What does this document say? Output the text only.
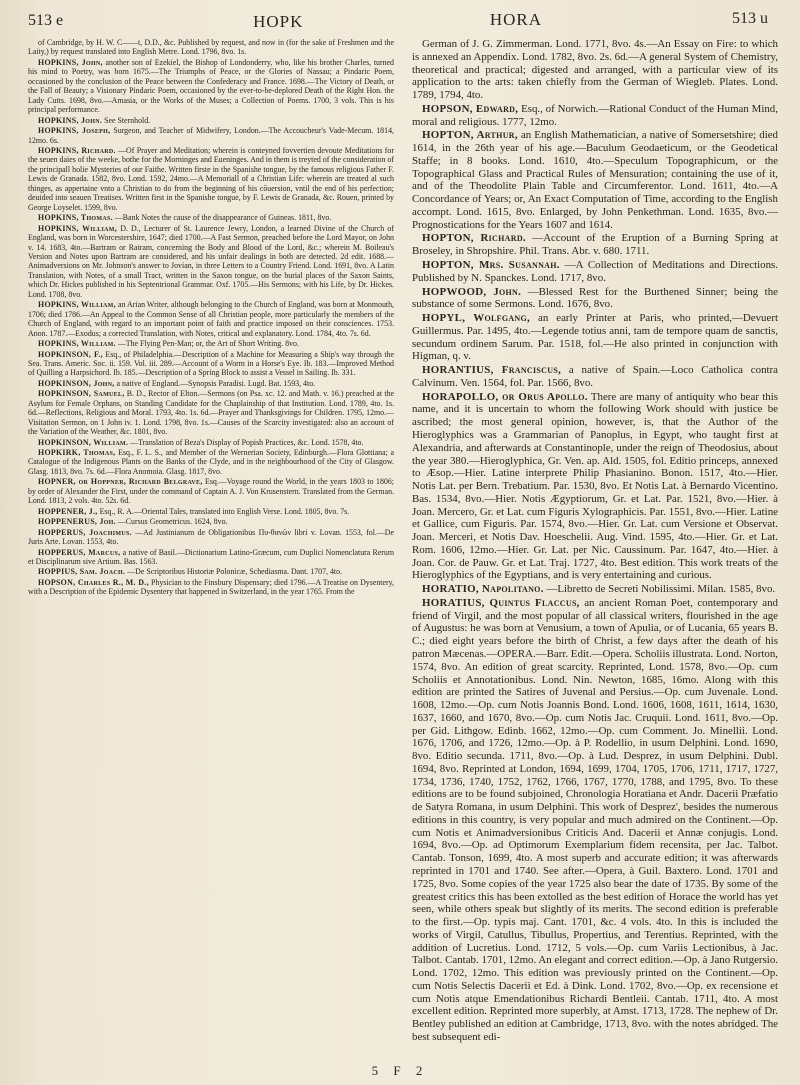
513 e	HOPK	HORA	513 u

of Cambridge, by H. W. C——t, D.D., &c. Published by request, and now in (for the sake of Freshmen and the Laity,) by request translated into English Metre. Lond. 1796, 8vo. 1s.

HOPKINS, John, another son of Ezekiel, the Bishop of Londonderry, who, like his brother Charles, turned his mind to Poetry, was born 1675.—The Triumphs of Peace, or the Glories of Nassau; a Pindaric Poem, occasioned by the conclusion of the Peace between the Confederacy and France. 1698.—The Victory of Death, or the Fall of Beauty; a Visionary Pindaric Poem, occasioned by the ever-to-be-deplored Death of the Right Hon. the Lady Cutts. 1698, 8vo.—Amasia, or the Works of the Muses; a Collection of Poems. 1700, 3 vols. This is his principal performance.

HOPKINS, John. See Sternhold.

HOPKINS, Joseph, Surgeon, and Teacher of Midwifery, London.—The Accoucheur's Vade-Mecum. 1814, 12mo. 6s.

HOPKINS, Richard. —Of Prayer and Meditation; wherein is conteyned fovvertien devoute Meditations for the seuen daies of the weeke, bothe for the Morninges and Eueninges. And in them is treyted of the consideration of the principall holie Mysteries of our Faithe. Written firste in the Spanishe tongue, by the famous religious Father F. Lewis de Granada. 1582, 8vo. Lond. 1592, 24mo.—A Memoriall of a Christian Life: wherein are treated al such thinges, as appertaine vnto a Christian to do from the beginning of his cōuersion, vntil the end of his perfection; deuided into seauen Treatises. Written first in the Spanishe tongue, by F. Lewis de Granada, &c. Rouen, printed by George Loyselet. 1599, 8vo.

HOPKINS, Thomas. —Bank Notes the cause of the disappearance of Guineas. 1811, 8vo.

HOPKINS, William, D. D., Lecturer of St. Laurence Jewry, London, a learned Divine of the Church of England, was born in Worcestershire, 1647; died 1700.—A Fast Sermon, preached before the Lord Mayor, on John v. 14. 1683, 4to.—Bartram or Ratram, concerning the Body and Blood of the Lord, &c.; wherein M. Boileau's Version and Notes upon Bartram are considered, and his unfair dealings in both are detected. 2d edit. 1688.—Animadversions on Mr. Johnson's answer to Jovian, in three Letters to a Country Friend. Lond. 1691, 8vo. A Latin Translation, with Notes, of a small Tract, written in the Saxon tongue, on the burial places of the Saxon Saints, which Dr. Hickes published in his Septentrional Grammar. Oxf. 1705.—His Sermons; with his Life, by Dr. Hickes. Lond. 1708, 8vo.

HOPKINS, William, an Arian Writer, although belonging to the Church of England, was born at Monmouth, 1706; died 1786.—An Appeal to the Common Sense of all Christian people, more particularly the members of the Church of England, with regard to an important point of faith and practice imposed on their consciences. 1753. Anon. 1787.—Exodus; a corrected Translation, with Notes, critical and explanatory. Lond. 1784, 4to. 7s. 6d.

HOPKINS, William. —The Flying Pen-Man; or, the Art of Short Writing. 8vo.

HOPKINSON, F., Esq., of Philadelphia.—Description of a Machine for Measuring a Ship's way through the Sea. Trans. Americ. Soc. ii. 159. Vol. iii. 289.—Account of a Worm in a Horse's Eye. Ib. 183.—Improved Method of Quilling a Harpsichord. Ib. 185.—Description of a Spring Block to assist a Vessel in Sailing. Ib. 331.

HOPKINSON, John, a native of England.—Synopsis Paradisi. Lugd. Bat. 1593, 4to.

HOPKINSON, Samuel, B. D., Rector of Elton.—Sermons (on Psa. xc. 12. and Math. v. 16.) preached at the Asylum for Female Orphans, on Standing Candidate for the Chaplainship of that Institution. Lond. 1789, 4to. 1s. 6d.—Reflections, Religious and Moral. 1793, 4to. 1s. 6d.—Prayer and Thanksgivings for Children. 1795, 12mo.—Visitation Sermon, on 1 John iv. 1. Lond. 1798, 8vo. 1s.—Causes of the Scarcity investigated: also an account of the Variation of the Weather, &c. 1801, 8vo.

HOPKINSON, William. —Translation of Beza's Display of Popish Practices, &c. Lond. 1578, 4to.

HOPKIRK, Thomas, Esq., F. L. S., and Member of the Wernerian Society, Edinburgh.—Flora Glottiana; a Catalogue of the Indigenous Plants on the Banks of the Clyde, and in the neighbourhood of the City of Glasgow. Glasg. 1813, 8vo. 7s. 6d.—Flora Anomoia. Glasg. 1817, 8vo.

HOPNER, or Hoppner, Richard Belgrave, Esq.—Voyage round the World, in the years 1803 to 1806; by order of Alexander the First, under the command of Captain A. J. Von Krusenstern. Translated from the German. Lond. 1813, 2 vols. 4to. 52s. 6d.

HOPPENER, J., Esq., R. A.—Oriental Tales, translated into English Verse. Lond. 1805, 8vo. 7s.

HOPPENERUS, Joh. —Cursus Geometricus. 1624, 8vo.

HOPPERUS, Joachimus. —Ad Justinianum de Obligationibus Πυ-θανῶν libri v. Lovan. 1553, fol.—De Juris Arte. Lovan. 1553, 4to.

HOPPERUS, Marcus, a native of Basil.—Dictionarium Latino-Græcum, cum Duplici Nomenclatura Rerum et Disciplinarum sive Artium. Bas. 1563.

HOPPIUS, Sam. Joach. —De Scriptoribus Historiæ Polonicæ, Schediasma. Dant. 1707, 4to.

HOPSON, Charles R., M. D., Physician to the Finsbury Dispensary; died 1796.—A Treatise on Dysentery, with a Description of the Epidemic Dysentery that happened in Switzerland, in the year 1765. From the

German of J. G. Zimmerman. Lond. 1771, 8vo. 4s.—An Essay on Fire: to which is annexed an Appendix. Lond. 1782, 8vo. 2s. 6d.—A general System of Chemistry, theoretical and practical; digested and arranged, with a particular view of its application to the arts: taken chiefly from the German of Wiegleb. Plates. Lond. 1789, 1794, 4to.

HOPSON, Edward, Esq., of Norwich.—Rational Conduct of the Human Mind, moral and religious. 1777, 12mo.

HOPTON, Arthur, an English Mathematician, a native of Somersetshire; died 1614, in the 26th year of his age.—Baculum Geodaeticum, or the Geodetical Staffe; in 8 books. Lond. 1610, 4to.—Speculum Topographicum, or the Topographical Glass and Practical Rules of Mensuration; containing the use of it, and of the Theodolite Plain Table and Circumferentor. Lond. 1611, 4to.—A Concordance of Years; or, An Exact Computation of Time, according to the English accompt. Lond. 1615, 8vo. Enlarged, by John Penkethman. Lond. 1635, 8vo.—Prognostications for the Years 1607 and 1614.

HOPTON, Richard. —Account of the Eruption of a Burning Spring at Broseley, in Shropshire. Phil. Trans. Abr. v. 680. 1711.

HOPTON, Mrs. Susannah. —A Collection of Meditations and Directions. Published by N. Spanckes. Lond. 1717, 8vo.

HOPWOOD, John. —Blessed Rest for the Burthened Sinner; being the substance of some Sermons. Lond. 1676, 8vo.

HOPYL, Wolfgang, an early Printer at Paris, who printed,—Devuert Guillermus. Par. 1495, 4to.—Legende totius anni, tam de tempore quam de sanctis, secundum ordinem Sarum. Par. 1518, fol.—He also printed in conjunction with Higman, q. v.

HORANTIUS, Franciscus, a native of Spain.—Loco Catholica contra Calvinum. Ven. 1564, fol. Par. 1566, 8vo.

HORAPOLLO, or Orus Apollo. There are many of antiquity who bear this name, and it is uncertain to whom the following Work should with justice be ascribed; the most general opinion, however, is, that the Author of the Hieroglyphics was a Grammarian of Panoplus, in Egypt, who taught first at Alexandria, and afterwards at Constantinople, under the reign of Theodosius, about the year 380.—Hieroglyphica, Gr. Ven. ap. Ald. 1505, fol. Editio princeps, annexed to Æsop.—Hier. Latine interprete Philip Phasianino. Bonon. 1517, 4to.—Hier. Notis Lat. per Bern. Trebatium. Par. 1530, 8vo. Et Notis Lat. à Bernardo Vicentino. Bas. 1534, 8vo.—Hier. Notis Ægyptiorum, Gr. et Lat. Par. 1521, 8vo.—Hier. à Joan. Mercero, Gr. et Lat. cum Figuris Xylographicis. Par. 1551, 8vo.—Hier. Latine et Gallice, cum Figuris. Par. 1574, 8vo.—Hier. Gr. Lat. cum Versione et Observat. Joan. Merceri, et Notis Dav. Hoeschelii. Aug. Vind. 1595, 4to.—Hier. Gr. et Lat. Rom. 1606, 12mo.—Hier. Gr. Lat. per Nic. Caussinum. Par. 1647, 4to.—Hier. à Joan. Cor. de Pauw. Gr. et Lat. Traj. 1727, 4to. Best edition. This work treats of the Hieroglyphics of the Egyptians, and is very entertaining and curious.

HORATIO, Napolitano. —Libretto de Secreti Nobilissimi. Milan. 1585, 8vo.

HORATIUS, Quintus Flaccus, an ancient Roman Poet, contemporary and friend of Virgil, and the most popular of all classical writers, flourished in the age of Augustus: he was born at Venusium, a town of Apulia, or of Lucania, 65 years B. C.; died eight years before the birth of Christ, a few days after the death of his patron Mæcenas.—OPERA.—Barr. Edit.—Opera. Scholiis illustrata. Lond. Norton, 1574, 8vo. An edition of great scarcity. Reprinted, Lond. 1578, 8vo.—Op. cum Scholiis et Annotationibus. Lond. Nin. Newton, 1685, 16mo. Along with this edition are printed the Satires of Juvenal and Persius.—Op. cum Juvenale. Lond. 1608, 12mo.—Op. cum Notis Joannis Bond. Lond. 1606, 1608, 1611, 1614, 1630, 1637, 1660, and 1670, 8vo.—Op. cum Notis Jac. Cruquii. Lond. 1611, 8vo.—Op. per Gid. Lithgow. Edinb. 1662, 12mo.—Op. cum Comment. Jo. Minellii. Lond. 1676, 1706, and 1726, 12mo.—Op. à P. Rodellio, in usum Delphini. Lond. 1690, 8vo. Editio secunda. 1711, 8vo.—Op. à Lud. Desprez, in usum Delphini. Dubl. 1694, 8vo. Reprinted at London, 1694, 1699, 1704, 1705, 1706, 1711, 1717, 1727, 1734, 1736, 1740, 1752, 1762, 1766, 1767, 1770, 1788, and 1795, 8vo. To these editions are to be found subjoined, Chronologia Horatiana et Andr. Dacerii Præfatio de Satyra Romana, in usum Delphini. This work of Desprez', besides the numerous editions in this country, is very popular and much admired on the Continent.—Op. cum Notis et Animadversionibus Criticis And. Dacerii et Annæ conjugis. Lond. 1694, 8vo.—Op. ad Optimorum Exemplarium fidem recensita, per Jac. Talbot. Cantab. Tonson, 1699, 4to. A most superb and accurate edition; it was afterwards reprinted in 1701 and 1740. See after.—Opera, à Guil. Baxtero. Lond. 1701 and 1725, 8vo. Some copies of the year 1725 also bear the date of 1735. By some of the greatest critics this has been extolled as the best edition of Horace the world has yet seen, while others speak but slightly of its merits. The second edition is preferable to the first.—Op. typis maj. Cant. 1701, &c. 4 vols. 4to. In this is included the works of Virgil, Catullus, Tibullus, Propertius, and Terentius. Reprinted, with the addition of Lucretius. Lond. 1712, 5 vols.—Op. cum Variis Lectionibus, à Jac. Talbot. Cantab. 1701, 12mo. An elegant and correct edition.—Op. à Jano Rutgersio. Lond. 1702, 12mo. This edition was previously printed on the Continent.—Op. cum Notis Selectis Dacerii et Ed. à Dink. Lond. 1702, 8vo.—Op. ex recensione et cum Notis atque Emendationibus Richardi Bentleii. Cantab. 1711, 4to. A most excellent edition. Reprinted more superbly, at Amst. 1713, 1728. The nephew of Dr. Bentley published an edition at Cambridge, 1713, 8vo. with the notes abridged. The best subsequent edi-

5 F 2
